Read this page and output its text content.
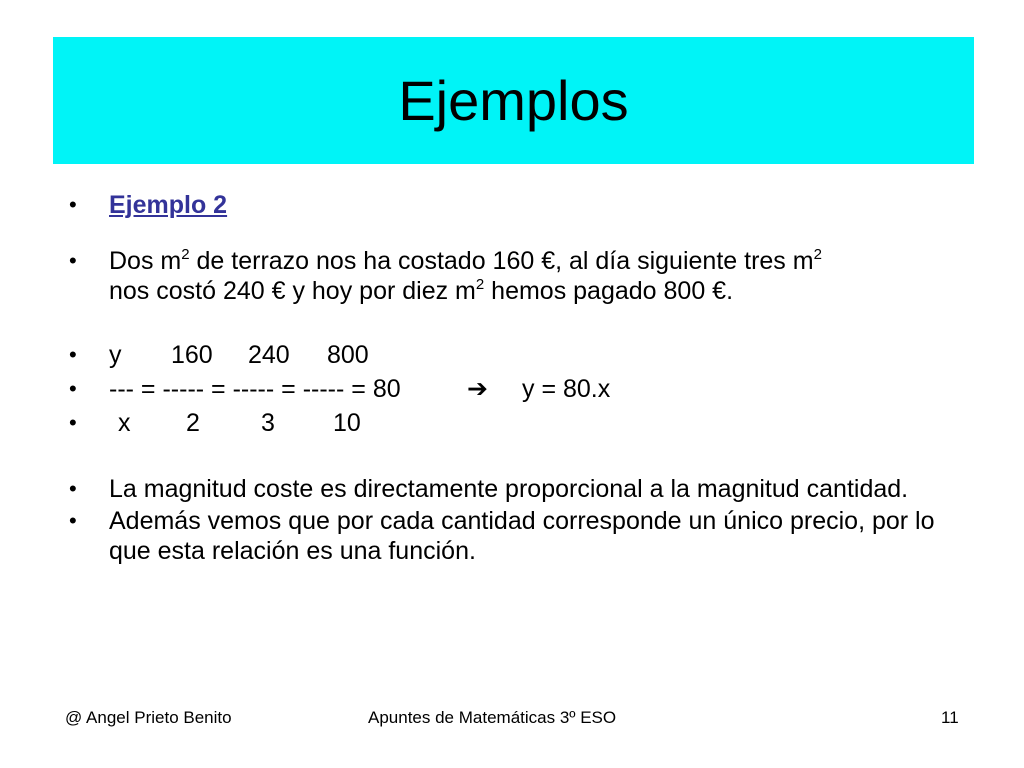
Ejemplos
• Ejemplo 2
• Dos $m^2$ de terrazo nos ha costado 160 €, al día siguiente tres $m^2$
nos costó 240 € y hoy por diez $m^2$ hemos pagado 800 €.
• y 160 240 800
• --- = ----- = ----- = ----- = 80	➔ y = 80.x
• x 2 3 10
• La magnitud coste es directamente proporcional a la magnitud cantidad.
• Además vemos que por cada cantidad corresponde un único precio, por lo que esta relación es una función.
@ Angel Prieto Benito	Apuntes de Matemáticas 3º ESO	11
